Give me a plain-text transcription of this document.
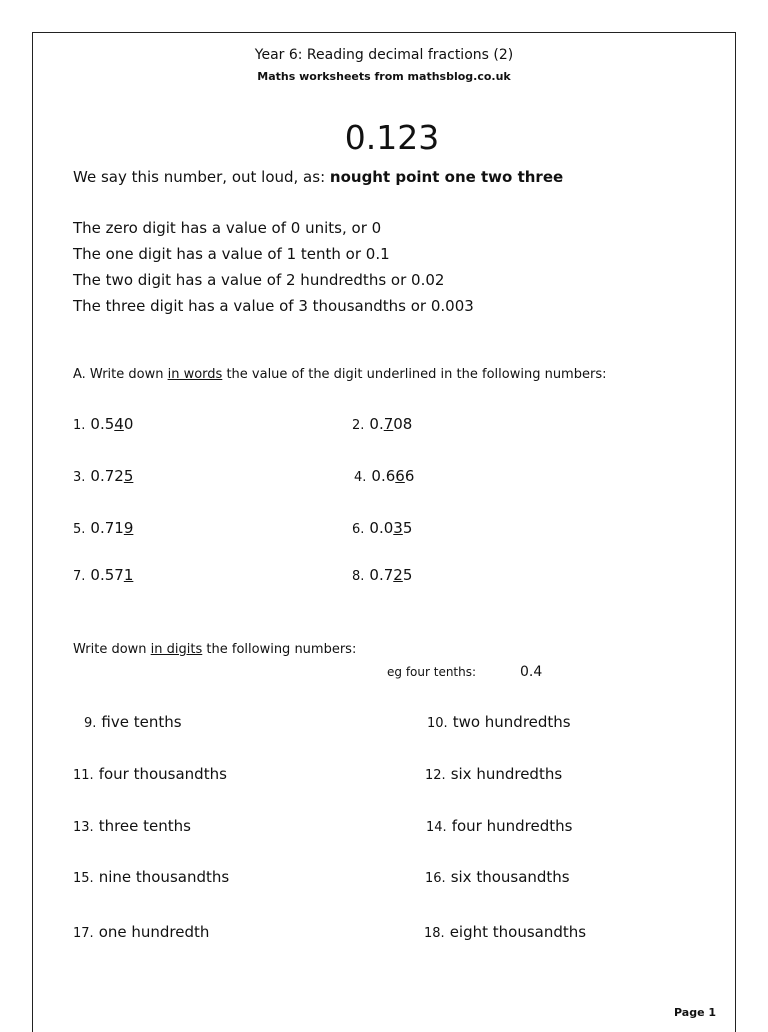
Year 6: Reading decimal fractions (2)
Maths worksheets from mathsblog.co.uk
0.123
We say this number, out loud, as: nought point one two three
The zero digit has a value of 0 units, or 0
The one digit has a value of 1 tenth or 0.1
The two digit has a value of 2 hundredths or 0.02
The three digit has a value of 3 thousandths or 0.003
A. Write down in words the value of the digit underlined in the following numbers:
1. 0.540	2. 0.708
3. 0.725	4. 0.666
5. 0.719	6. 0.035
7. 0.571	8. 0.725
Write down in digits the following numbers:
eg four tenths:	0.4
9. five tenths	10. two hundredths
11. four thousandths	12. six hundredths
13. three tenths	14. four hundredths
15. nine thousandths	16. six thousandths
17. one hundredth	18. eight thousandths
Page 1
